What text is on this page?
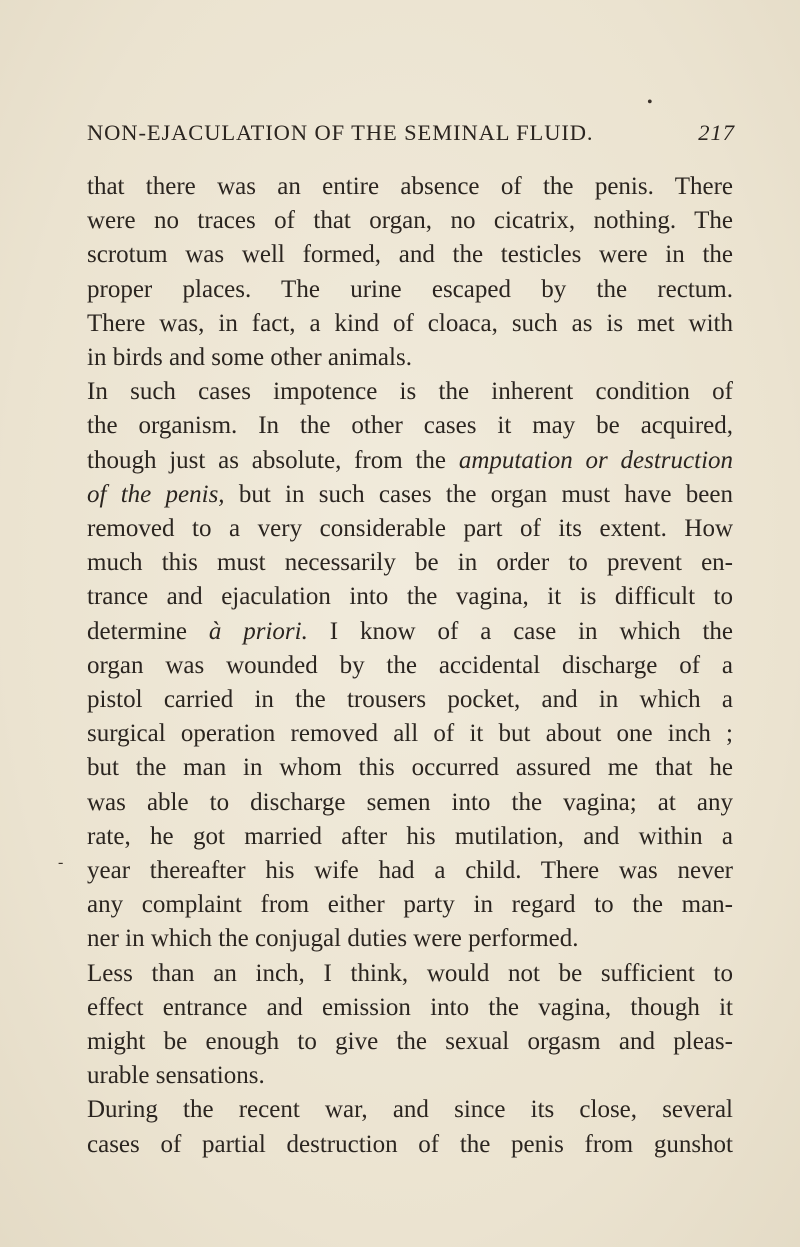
•
NON-EJACULATION OF THE SEMINAL FLUID.	217
that there was an entire absence of the penis. There
were no traces of that organ, no cicatrix, nothing. The
scrotum was well formed, and the testicles were in the
proper places. The urine escaped by the rectum.
There was, in fact, a kind of cloaca, such as is met with
in birds and some other animals.
In such cases impotence is the inherent condition of
the organism. In the other cases it may be acquired,
though just as absolute, from the amputation or destruction
of the penis, but in such cases the organ must have been
removed to a very considerable part of its extent. How
much this must necessarily be in order to prevent en-
trance and ejaculation into the vagina, it is difficult to
determine à priori. I know of a case in which the
organ was wounded by the accidental discharge of a
pistol carried in the trousers pocket, and in which a
surgical operation removed all of it but about one inch ;
but the man in whom this occurred assured me that he
was able to discharge semen into the vagina; at any
rate, he got married after his mutilation, and within a
year thereafter his wife had a child. There was never
any complaint from either party in regard to the man-
ner in which the conjugal duties were performed.
Less than an inch, I think, would not be sufficient to
effect entrance and emission into the vagina, though it
might be enough to give the sexual orgasm and pleas-
urable sensations.
During the recent war, and since its close, several
cases of partial destruction of the penis from gunshot
-
